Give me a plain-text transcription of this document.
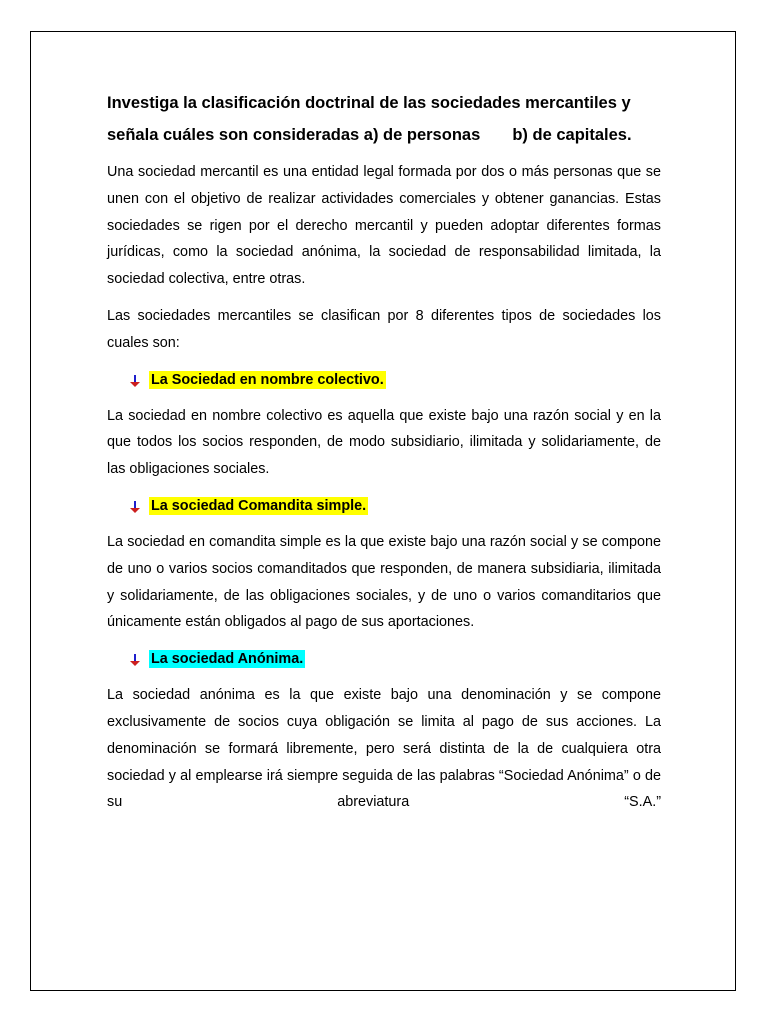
Investiga la clasificación doctrinal de las sociedades mercantiles y señala cuáles son consideradas a) de personas       b) de capitales.

Una sociedad mercantil es una entidad legal formada por dos o más personas que se unen con el objetivo de realizar actividades comerciales y obtener ganancias. Estas sociedades se rigen por el derecho mercantil y pueden adoptar diferentes formas jurídicas, como la sociedad anónima, la sociedad de responsabilidad limitada, la sociedad colectiva, entre otras.

Las sociedades mercantiles se clasifican por 8 diferentes tipos de sociedades los cuales son:

La Sociedad en nombre colectivo.

La sociedad en nombre colectivo es aquella que existe bajo una razón social y en la que todos los socios responden, de modo subsidiario, ilimitada y solidariamente, de las obligaciones sociales.

La sociedad Comandita simple.

La sociedad en comandita simple es la que existe bajo una razón social y se compone de uno o varios socios comanditados que responden, de manera subsidiaria, ilimitada y solidariamente, de las obligaciones sociales, y de uno o varios comanditarios que únicamente están obligados al pago de sus aportaciones.

La sociedad Anónima.

La sociedad anónima es la que existe bajo una denominación y se compone exclusivamente de socios cuya obligación se limita al pago de sus acciones. La denominación se formará libremente, pero será distinta de la de cualquiera otra sociedad y al emplearse irá siempre seguida de las palabras “Sociedad Anónima” o de su abreviatura “S.A.”
